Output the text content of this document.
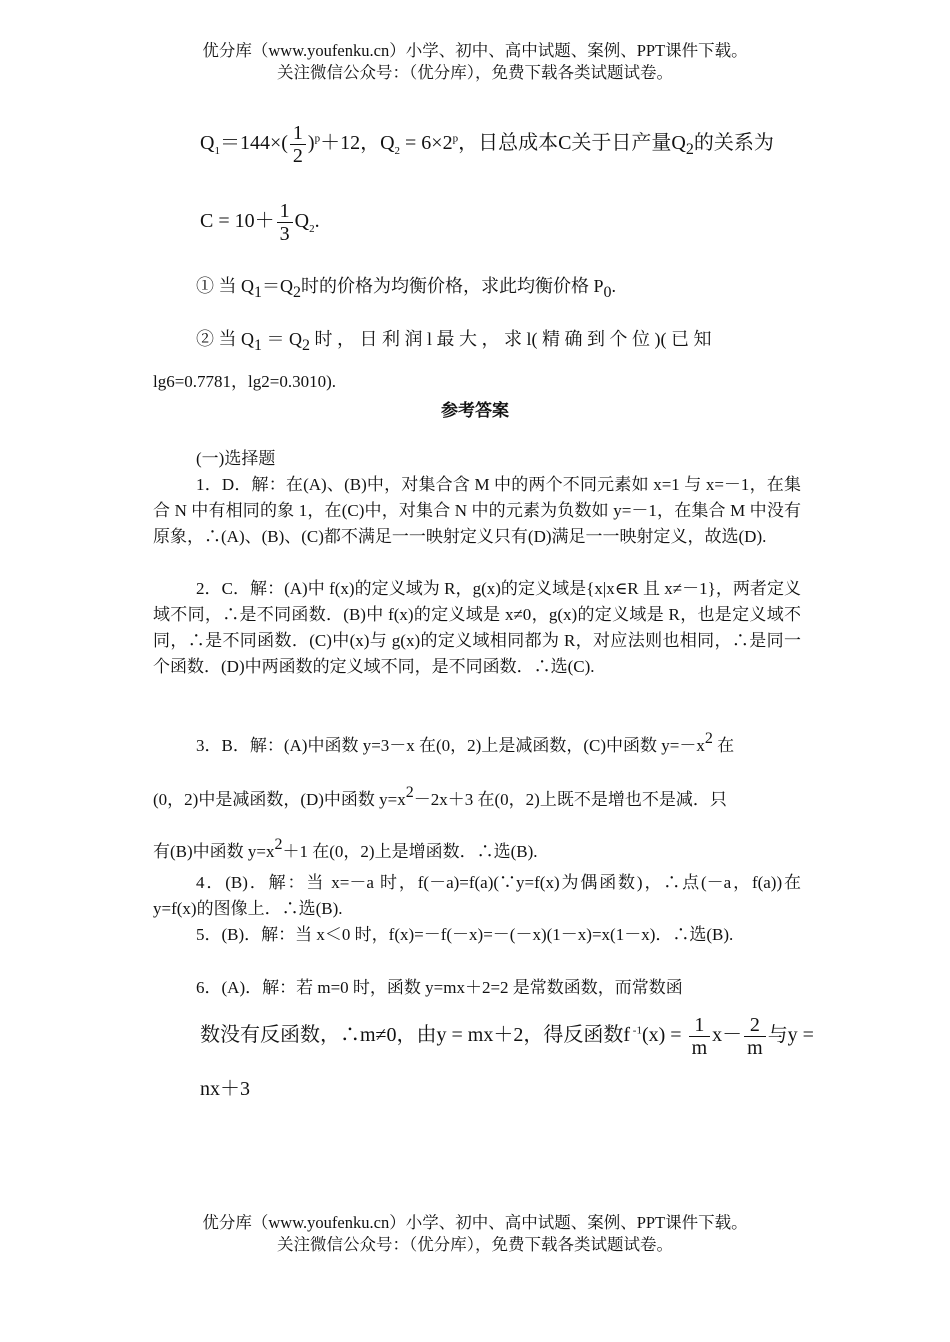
优分库（www.youfenku.cn）小学、初中、高中试题、案例、PPT课件下载。
关注微信公众号：（优分库），免费下载各类试题试卷。
$Q_1=144\times( \frac{1}{2} )^p+12$，$Q_2 = 6\times 2^p$，日总成本C关于日产量$Q_2$的关系为
$C = 10+ \frac{1}{3} Q_2$.
① 当 $Q_1=Q_2$时的价格为均衡价格，求此均衡价格 $P_0$.
② 当 $Q_1 = Q_2$ 时 ， 日 利 润 l 最 大 ， 求 l( 精 确 到 个 位 )( 已 知
lg6=0.7781，lg2=0.3010).
参考答案
(一)选择题
1．D．解：在(A)、(B)中，对集合含 M 中的两个不同元素如 x=1 与 x=－1，在集合 N 中有相同的象 1，在(C)中，对集合 N 中的元素为负数如 y=－1，在集合 M 中没有原象，∴(A)、(B)、(C)都不满足一一映射定义只有(D)满足一一映射定义，故选(D).
2．C．解：(A)中 f(x)的定义域为 R，g(x)的定义域是{x|x∈R 且 x≠－1}，两者定义域不同，∴是不同函数．(B)中 f(x)的定义域是 x≠0，g(x)的定义域是 R，也是定义域不同，∴是不同函数．(C)中(x)与 g(x)的定义域相同都为 R，对应法则也相同，∴是同一个函数．(D)中两函数的定义域不同，是不同函数．∴选(C).
3．B．解：(A)中函数 y=3－x 在(0，2)上是减函数，(C)中函数 $y=-x^2$ 在
(0，2)中是减函数，(D)中函数 $y=x^2-2x+3$ 在(0，2)上既不是增也不是减．只
有(B)中函数 $y=x^2+1$ 在(0，2)上是增函数．∴选(B).
4．(B)．解：当 x=－a 时，f(－a)=f(a)(∵y=f(x)为偶函数)，∴点(－a，f(a))在 y=f(x)的图像上．∴选(B).
5．(B)．解：当 x＜0 时，f(x)=－f(－x)=－(－x)(1－x)=x(1－x)．∴选(B).
6．(A)．解：若 m=0 时，函数 y=mx＋2=2 是常数函数，而常数函
数没有反函数，∴m≠0，由y = mx＋2，得反函数f $^{-1}(x) = \frac{1}{m} x- \frac{2}{m}$ 与y =
nx＋3
优分库（www.youfenku.cn）小学、初中、高中试题、案例、PPT课件下载。
关注微信公众号：（优分库），免费下载各类试题试卷。
